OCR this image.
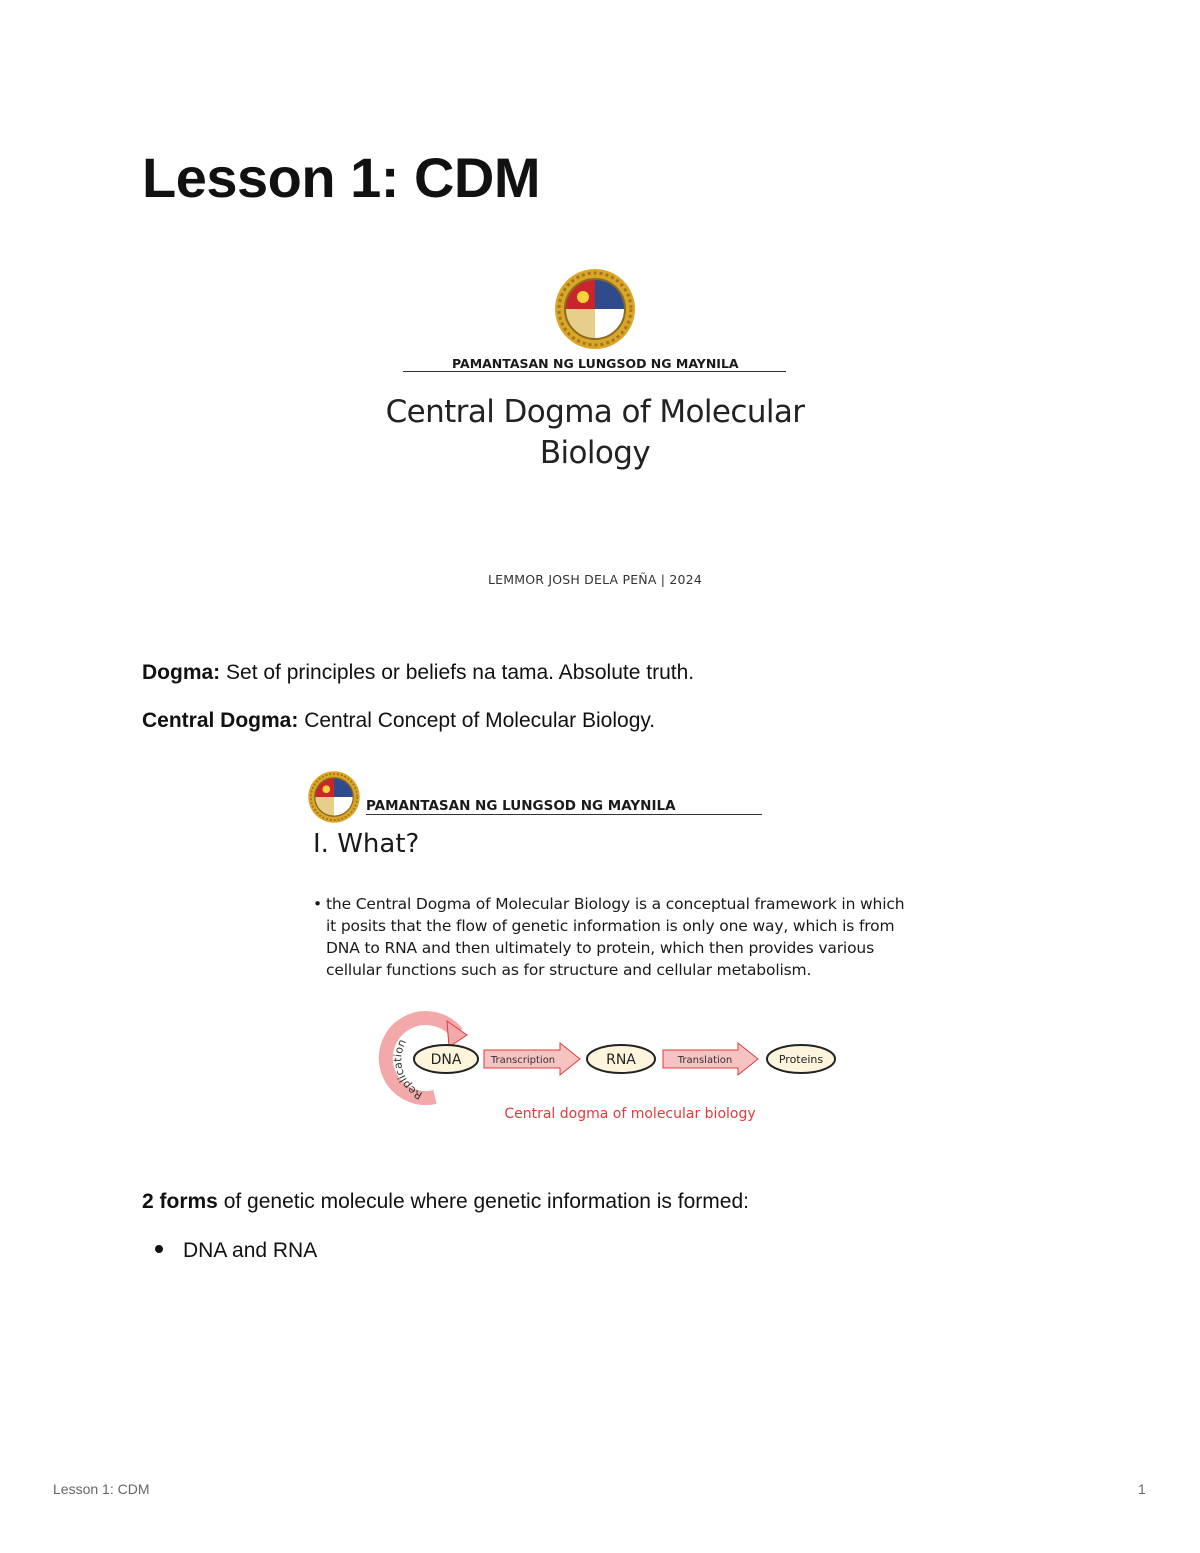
Lesson 1: CDM
PAMANTASAN NG LUNGSOD NG MAYNILA
Central Dogma of Molecular
Biology
LEMMOR JOSH DELA PEÑA | 2024

Dogma: Set of principles or beliefs na tama. Absolute truth.

Central Dogma: Central Concept of Molecular Biology.

PAMANTASAN NG LUNGSOD NG MAYNILA
I. What?
• the Central Dogma of Molecular Biology is a conceptual framework in which it posits that the flow of genetic information is only one way, which is from DNA to RNA and then ultimately to protein, which then provides various cellular functions such as for structure and cellular metabolism.
Replication
DNA	Transcription	RNA	Translation	Proteins
Central dogma of molecular biology

2 forms of genetic molecule where genetic information is formed:

DNA and RNA
Lesson 1: CDM	1
